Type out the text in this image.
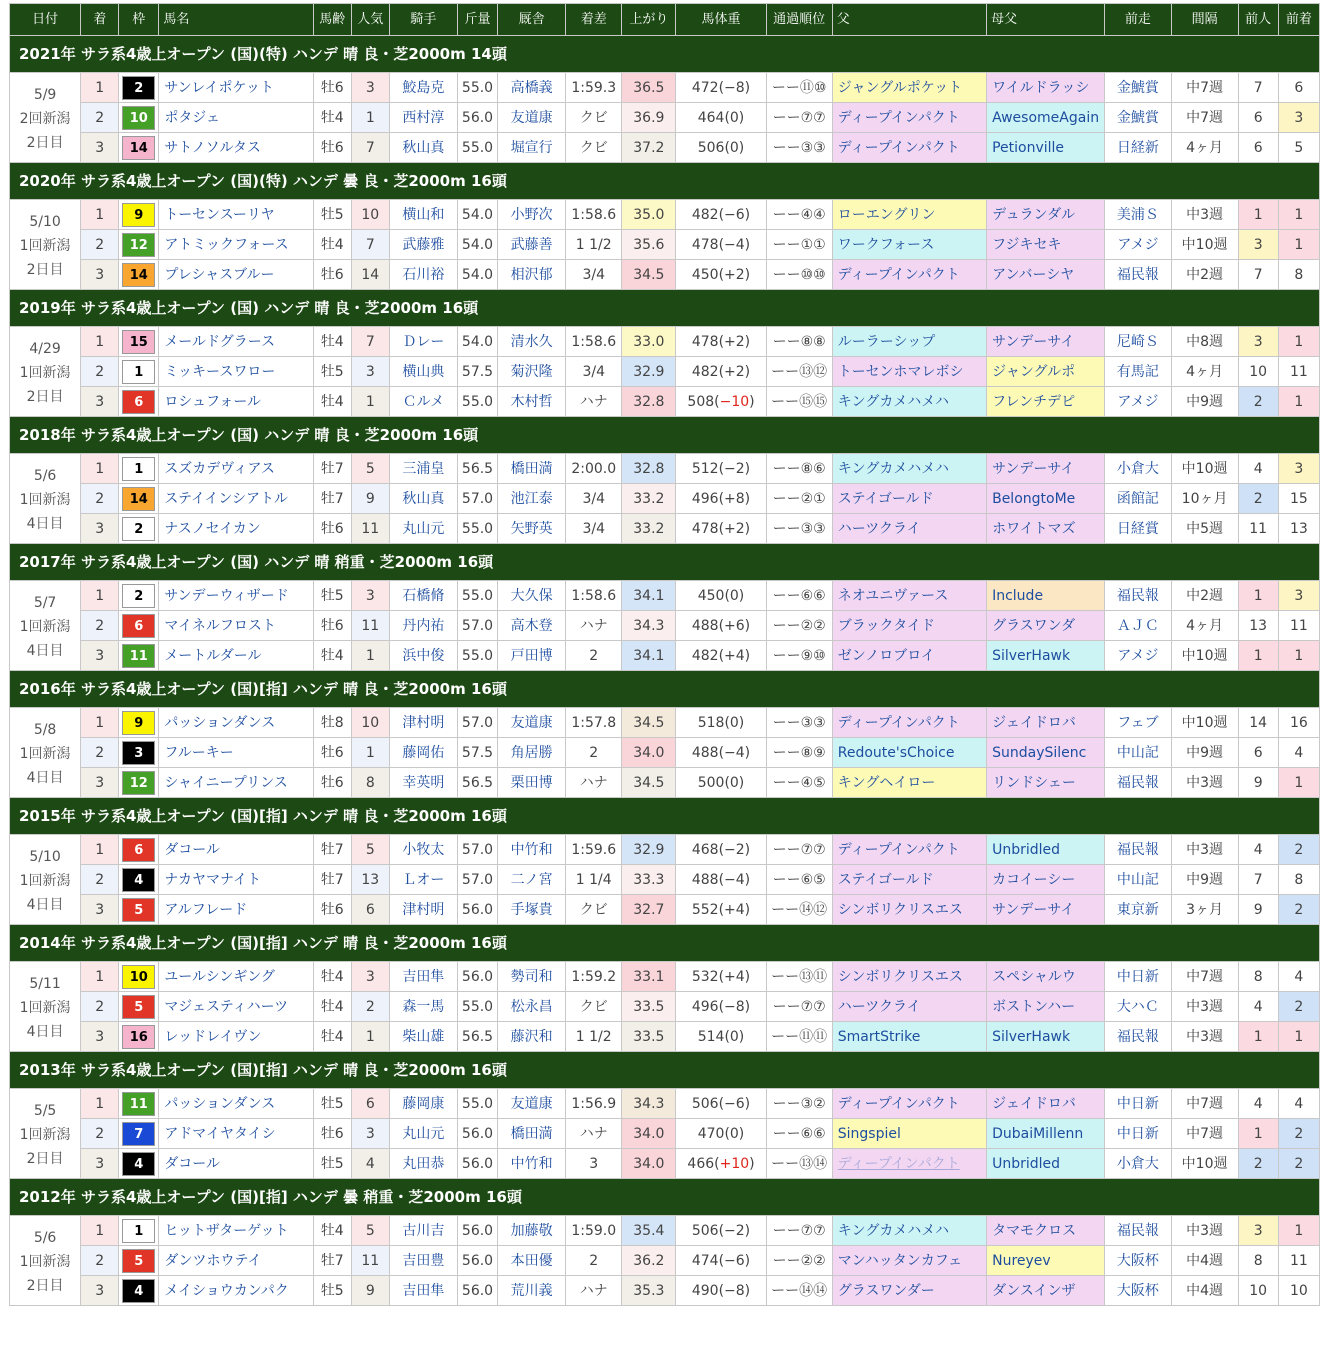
日付	着	枠	馬名	馬齢	人気	騎手	斤量	厩舎	着差	上がり	馬体重	通過順位	父	母父	前走	間隔	前人	前着
2021年 サラ系4歳上オープン (国)(特) ハンデ 晴 良・芝2000m 14頭																		

5/9
2回新潟
2日目	1	2	サンレイポケット	牡6	3	鮫島克	55.0	高橋義	1:59.3	36.5	472(−8)	ーー⑪⑩	ジャングルポケット	ワイルドラッシ	金鯱賞	中7週	7	6
	2	10	ポタジェ	牡4	1	西村淳	56.0	友道康	クビ	36.9	464(0)	ーー⑦⑦	ディープインパクト	AwesomeAgain	金鯱賞	中7週	6	3
	3	14	サトノソルタス	牡6	7	秋山真	55.0	堀宣行	クビ	37.2	506(0)	ーー③③	ディープインパクト	Petionville	日経新	4ヶ月	6	5
2020年 サラ系4歳上オープン (国)(特) ハンデ 曇 良・芝2000m 16頭																		

5/10
1回新潟
2日目	1	9	トーセンスーリヤ	牡5	10	横山和	54.0	小野次	1:58.6	35.0	482(−6)	ーー④④	ローエングリン	デュランダル	美浦Ｓ	中3週	1	1
	2	12	アトミックフォース	牡4	7	武藤雅	54.0	武藤善	1 1/2	35.6	478(−4)	ーー①①	ワークフォース	フジキセキ	アメジ	中10週	3	1
	3	14	プレシャスブルー	牡6	14	石川裕	54.0	相沢郁	3/4	34.5	450(+2)	ーー⑩⑩	ディープインパクト	アンバーシヤ	福民報	中2週	7	8
2019年 サラ系4歳上オープン (国) ハンデ 晴 良・芝2000m 16頭																		

4/29
1回新潟
2日目	1	15	メールドグラース	牡4	7	Ｄレー	54.0	清水久	1:58.6	33.0	478(+2)	ーー⑧⑧	ルーラーシップ	サンデーサイ	尼崎Ｓ	中8週	3	1
	2	1	ミッキースワロー	牡5	3	横山典	57.5	菊沢隆	3/4	32.9	482(+2)	ーー⑬⑫	トーセンホマレボシ	ジャングルポ	有馬記	4ヶ月	10	11
	3	6	ロシュフォール	牡4	1	Ｃルメ	55.0	木村哲	ハナ	32.8	508(−10)	ーー⑮⑮	キングカメハメハ	フレンチデピ	アメジ	中9週	2	1
2018年 サラ系4歳上オープン (国) ハンデ 晴 良・芝2000m 16頭																		

5/6
1回新潟
4日目	1	1	スズカデヴィアス	牡7	5	三浦皇	56.5	橋田満	2:00.0	32.8	512(−2)	ーー⑧⑥	キングカメハメハ	サンデーサイ	小倉大	中10週	4	3
	2	14	ステイインシアトル	牡7	9	秋山真	57.0	池江泰	3/4	33.2	496(+8)	ーー②①	ステイゴールド	BelongtoMe	函館記	10ヶ月	2	15
	3	2	ナスノセイカン	牡6	11	丸山元	55.0	矢野英	3/4	33.2	478(+2)	ーー③③	ハーツクライ	ホワイトマズ	日経賞	中5週	11	13
2017年 サラ系4歳上オープン (国) ハンデ 晴 稍重・芝2000m 16頭																		

5/7
1回新潟
4日目	1	2	サンデーウィザード	牡5	3	石橋脩	55.0	大久保	1:58.6	34.1	450(0)	ーー⑥⑥	ネオユニヴァース	Include	福民報	中2週	1	3
	2	6	マイネルフロスト	牡6	11	丹内祐	57.0	高木登	ハナ	34.3	488(+6)	ーー②②	ブラックタイド	グラスワンダ	ＡＪＣ	4ヶ月	13	11
	3	11	メートルダール	牡4	1	浜中俊	55.0	戸田博	2	34.1	482(+4)	ーー⑨⑩	ゼンノロブロイ	SilverHawk	アメジ	中10週	1	1
2016年 サラ系4歳上オープン (国)[指] ハンデ 晴 良・芝2000m 16頭																		

5/8
1回新潟
4日目	1	9	パッションダンス	牡8	10	津村明	57.0	友道康	1:57.8	34.5	518(0)	ーー③③	ディープインパクト	ジェイドロバ	フェブ	中10週	14	16
	2	3	フルーキー	牡6	1	藤岡佑	57.5	角居勝	2	34.0	488(−4)	ーー⑧⑨	Redoute'sChoice	SundaySilenc	中山記	中9週	6	4
	3	12	シャイニープリンス	牡6	8	幸英明	56.5	栗田博	ハナ	34.5	500(0)	ーー④⑤	キングヘイロー	リンドシェー	福民報	中3週	9	1
2015年 サラ系4歳上オープン (国)[指] ハンデ 晴 良・芝2000m 16頭																		

5/10
1回新潟
4日目	1	6	ダコール	牡7	5	小牧太	57.0	中竹和	1:59.6	32.9	468(−2)	ーー⑦⑦	ディープインパクト	Unbridled	福民報	中3週	4	2
	2	4	ナカヤマナイト	牡7	13	Ｌオー	57.0	二ノ宮	1 1/4	33.3	488(−4)	ーー⑥⑤	ステイゴールド	カコイーシー	中山記	中9週	7	8
	3	5	アルフレード	牡6	6	津村明	56.0	手塚貴	クビ	32.7	552(+4)	ーー⑭⑫	シンボリクリスエス	サンデーサイ	東京新	3ヶ月	9	2
2014年 サラ系4歳上オープン (国)[指] ハンデ 晴 良・芝2000m 16頭																		

5/11
1回新潟
4日目	1	10	ユールシンギング	牡4	3	吉田隼	56.0	勢司和	1:59.2	33.1	532(+4)	ーー⑬⑪	シンボリクリスエス	スペシャルウ	中日新	中7週	8	4
	2	5	マジェスティハーツ	牡4	2	森一馬	55.0	松永昌	クビ	33.5	496(−8)	ーー⑦⑦	ハーツクライ	ボストンハー	大ハＣ	中3週	4	2
	3	16	レッドレイヴン	牡4	1	柴山雄	56.5	藤沢和	1 1/2	33.5	514(0)	ーー⑪⑪	SmartStrike	SilverHawk	福民報	中3週	1	1
2013年 サラ系4歳上オープン (国)[指] ハンデ 晴 良・芝2000m 16頭																		

5/5
1回新潟
2日目	1	11	パッションダンス	牡5	6	藤岡康	55.0	友道康	1:56.9	34.3	506(−6)	ーー③②	ディープインパクト	ジェイドロバ	中日新	中7週	4	4
	2	7	アドマイヤタイシ	牡6	3	丸山元	56.0	橋田満	ハナ	34.0	470(0)	ーー⑥⑥	Singspiel	DubaiMillenn	中日新	中7週	1	2
	3	4	ダコール	牡5	4	丸田恭	56.0	中竹和	3	34.0	466(+10)	ーー⑬⑭	ディープインパクト	Unbridled	小倉大	中10週	2	2
2012年 サラ系4歳上オープン (国)[指] ハンデ 曇 稍重・芝2000m 16頭																		

5/6
1回新潟
2日目	1	1	ヒットザターゲット	牡4	5	古川吉	56.0	加藤敬	1:59.0	35.4	506(−2)	ーー⑦⑦	キングカメハメハ	タマモクロス	福民報	中3週	3	1
	2	5	ダンツホウテイ	牡7	11	吉田豊	56.0	本田優	2	36.2	474(−6)	ーー②②	マンハッタンカフェ	Nureyev	大阪杯	中4週	8	11
	3	4	メイショウカンパク	牡5	9	吉田隼	56.0	荒川義	ハナ	35.3	490(−8)	ーー⑭⑭	グラスワンダー	ダンスインザ	大阪杯	中4週	10	10
